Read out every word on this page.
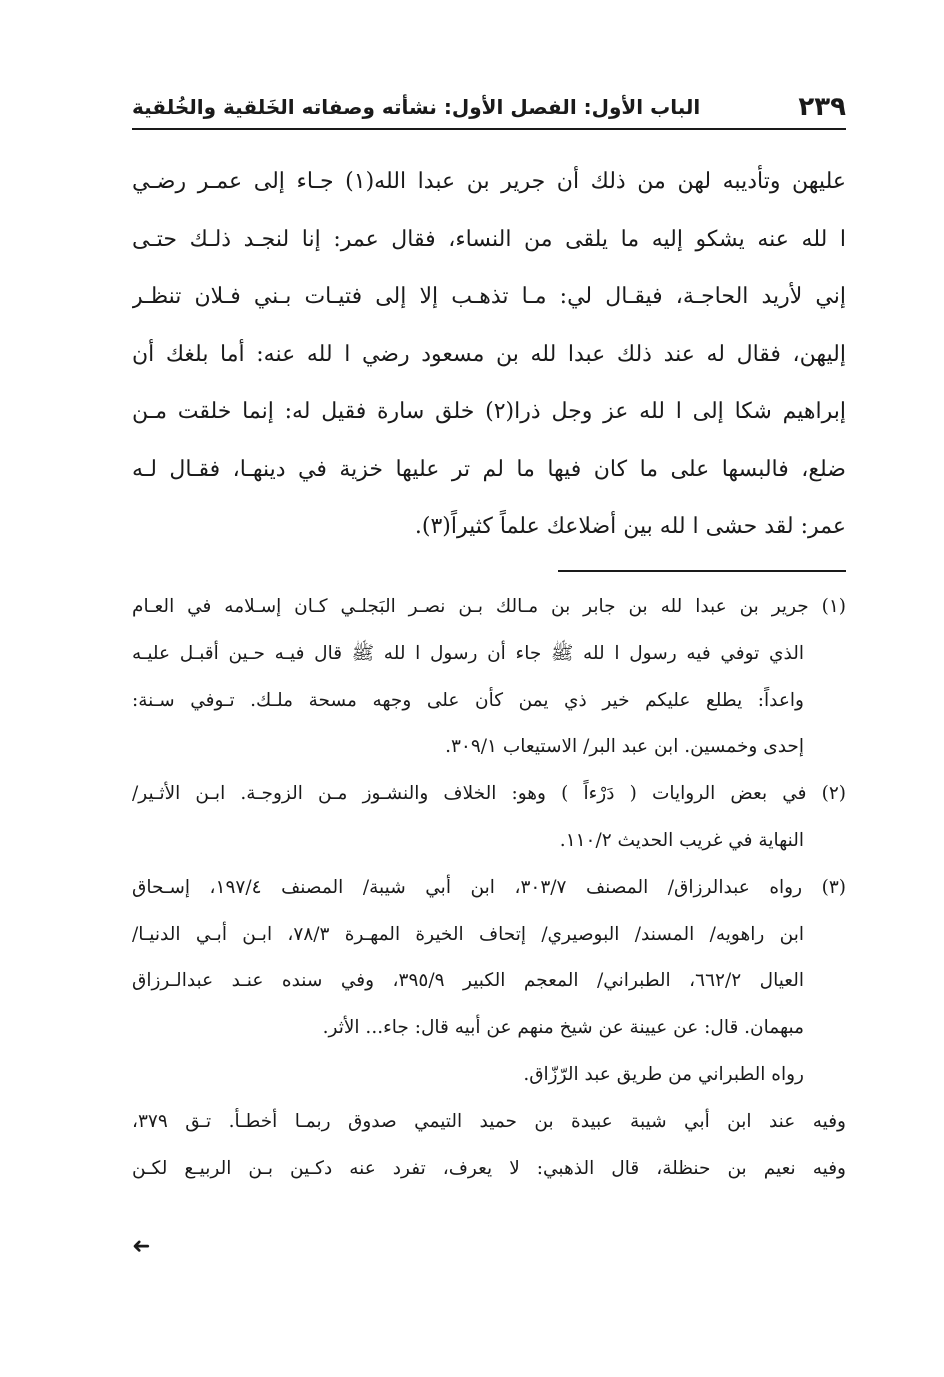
٢٣٩
الباب الأول: الفصل الأول: نشأته وصفاته الخَلقية والخُلقية
عليهن وتأديبه لهن من ذلك أن جرير بن عبدا الله(١) جـاء إلى عمـر رضـي
ا لله عنه يشكو إليه ما يلقى من النساء، فقال عمر: إنا لنجـد ذلـك حتـى
إني لأريد الحاجـة، فيقـال لي: مـا تذهـب إلا إلى فتيـات بـني فـلان تنظـر
إليهن، فقال له عند ذلك عبدا لله بن مسعود رضي ا لله عنه: أما بلغك أن
إبراهيم شكا إلى ا لله عز وجل ذرا(٢) خلق سارة فقيل له: إنما خلقت مـن
ضلع، فالبسها على ما كان فيها ما لم تر عليها خزية في دينهـا، فقـال لـه
عمر: لقد حشى ا لله بين أضلاعك علماً كثيراً(٣).
(١) جرير بن عبدا لله بن جابر بن مـالك بـن نصـر البَجلـي كـان إسـلامه في العـام
الذي توفي فيه رسول ا لله ﷺ جاء أن رسول ا لله ﷺ قال فيـه حـين أقبـل عليـه
واعداً: يطلع عليكم خير ذي يمن كأن على وجهه مسحة ملـك. تـوفي سـنة:
إحدى وخمسين. ابن عبد البر/ الاستيعاب ٣٠٩/١.
(٢) في بعض الروايات ( دَرْءاً ) وهو: الخلاف والنشـوز مـن الزوجـة. ابـن الأثـير/
النهاية في غريب الحديث ١١٠/٢.
(٣) رواه عبدالرزاق/ المصنف ٣٠٣/٧، ابن أبي شيبة/ المصنف ١٩٧/٤، إسـحاق
ابن راهويه/ المسند/ البوصيري/ إتحاف الخيرة المهـرة ٧٨/٣، ابـن أبـي الدنيـا/
العيال ٦٦٢/٢، الطبراني/ المعجم الكبير ٣٩٥/٩، وفي سنده عنـد عبدالـرزاق
مبهمان. قال: عن عيينة عن شيخ منهم عن أبيه قال: جاء... الأثر.
رواه الطبراني من طريق عبد الرّزّاق.
وفيه عند ابن أبي شيبة عبيدة بن حميد التيمي صدوق ربمـا أخطـأ. تـق ٣٧٩،
وفيه نعيم بن حنظلة، قال الذهبي: لا يعرف، تفرد عنه دكـين بـن الربيـع لكـن
➜
